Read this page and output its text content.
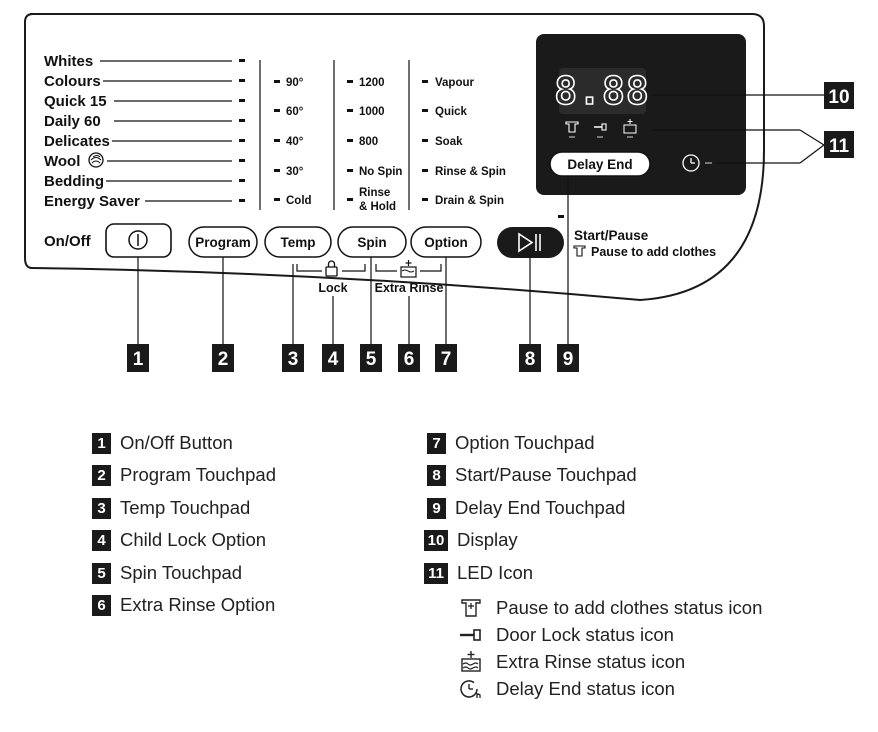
Whites
Colours
Quick 15
Daily 60
Delicates
Wool
Bedding
Energy Saver
90°
60°
40°
30°
Cold
1200
1000
800
No Spin
Rinse
& Hold
Vapour
Quick
Soak
Rinse & Spin
Drain & Spin
On/Off	Program Temp	Spin	Option
Lock Extra Rinse
Start/Pause
Pause to add clothes
8.88
Delay End
1	2	3 4 5 6 7	8 9
10
11
1 On/Off Button
2 Program Touchpad
3 Temp Touchpad
4 Child Lock Option
5 Spin Touchpad
6 Extra Rinse Option
7 Option Touchpad
8 Start/Pause Touchpad
9 Delay End Touchpad
10 Display
11 LED Icon
Pause to add clothes status icon
Door Lock status icon
Extra Rinse status icon
Delay End status icon
